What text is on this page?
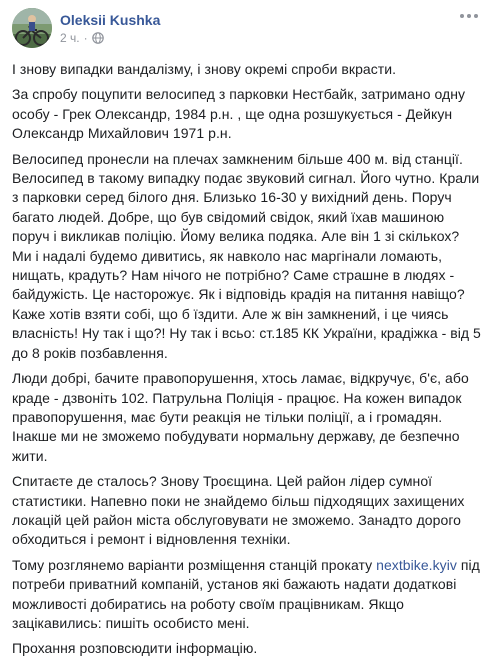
Oleksii Kushka
2 ч. ·

І знову випадки вандалізму, і знову окремі спроби вкрасти.

За спробу поцупити велосипед з парковки Нестбайк, затримано одну особу - Грек Олександр, 1984 р.н. , ще одна розшукується - Дейкун Олександр Михайлович 1971 р.н.

Велосипед пронесли на плечах замкненим більше 400 м. від станції. Велосипед в такому випадку подає звуковий сигнал. Його чутно. Крали з парковки серед білого дня. Близько 16-30 у вихідний день. Поруч багато людей. Добре, що був свідомий свідок, який їхав машиною поруч і викликав поліцію. Йому велика подяка. Але він 1 зі скількох? Ми і надалі будемо дивитись, як навколо нас маргінали ломають, нищать, крадуть? Нам нічого не потрібно? Саме страшне в людях - байдужість. Це насторожує. Як і відповідь крадія на питання навіщо? Каже хотів взяти собі, що б їздити. Але ж він замкнений, і це чиясь власність! Ну так і що?! Ну так і всьо: ст.185 КК України, крадіжка - від 5 до 8 років позбавлення.

Люди добрі, бачите правопорушення, хтось ламає, відкручує, б'є, або краде - дзвоніть 102. Патрульна Поліція - працює. На кожен випадок правопорушення, має бути реакція не тільки поліції, а і громадян. Інакше ми не зможемо побудувати нормальну державу, де безпечно жити.

Спитаєте де сталось? Знову Троєщина. Цей район лідер сумної статистики. Напевно поки не знайдемо більш підходящих захищених локацій цей район міста обслуговувати не зможемо. Занадто дорого обходиться і ремонт і відновлення техніки.

Тому розглянемо варіанти розміщення станцій прокату nextbike.kyiv під потреби приватний компаній, установ які бажають надати додаткові можливості добиратись на роботу своїм працівникам. Якщо зацікавились: пишіть особисто мені.

Прохання розповсюдити інформацію.
